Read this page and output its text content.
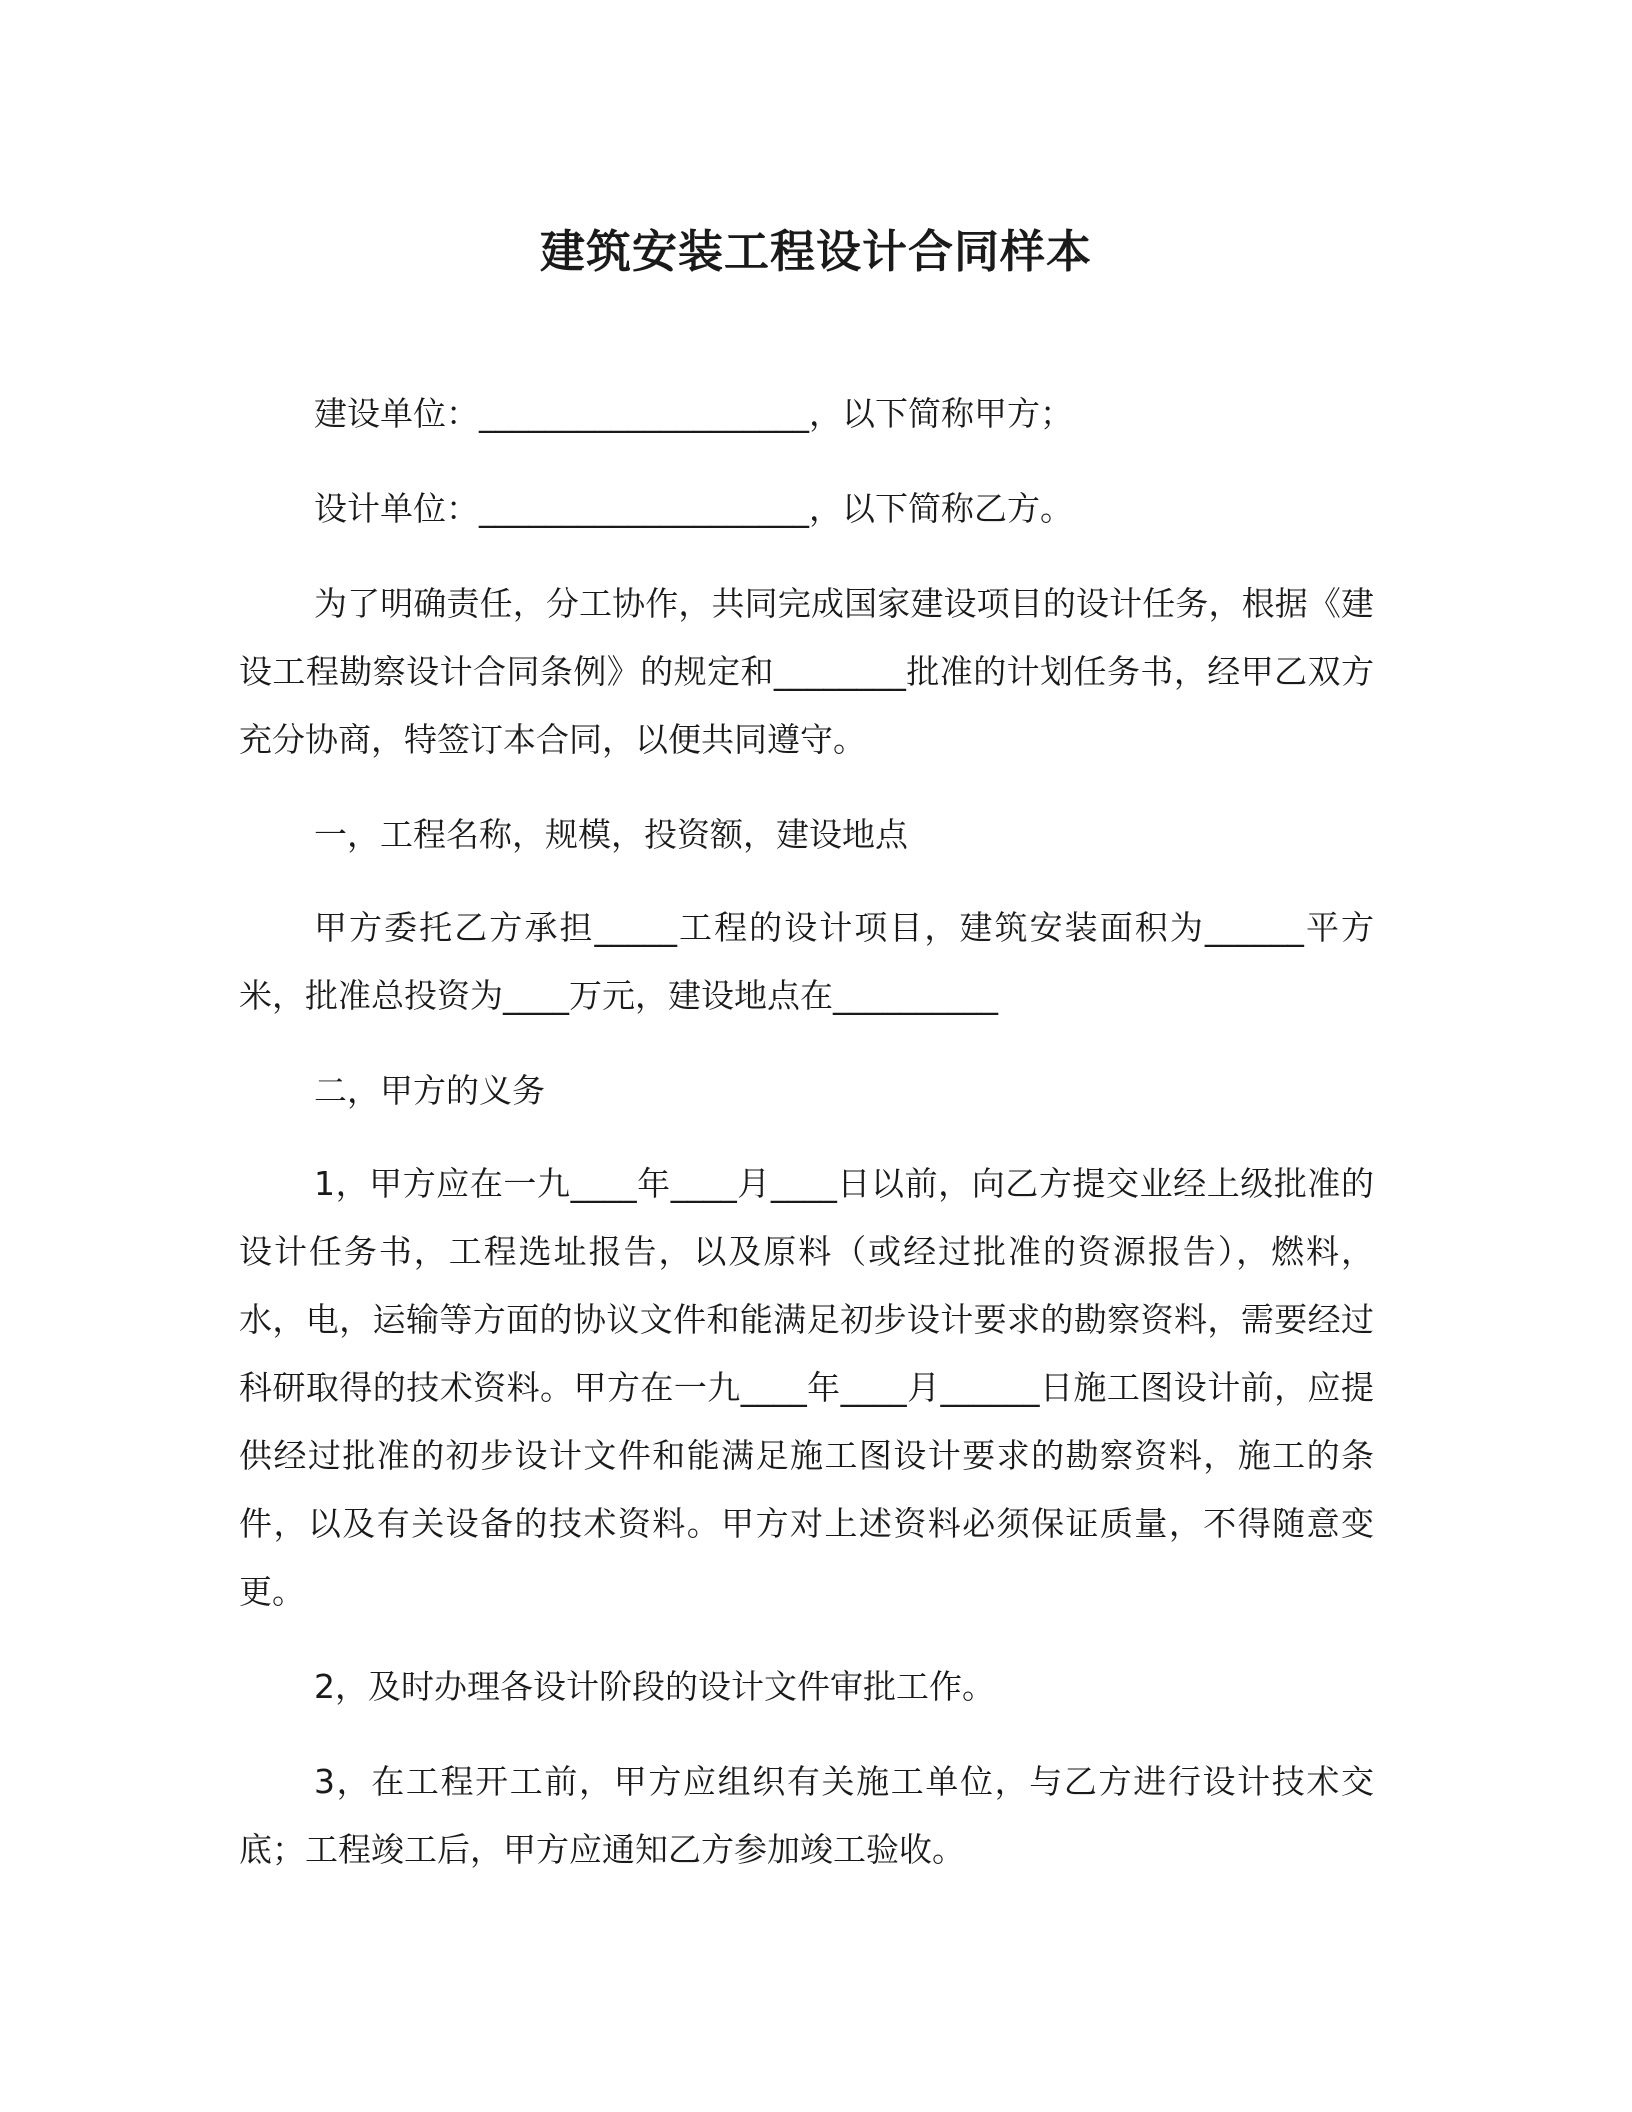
建筑安装工程设计合同样本

建设单位：____________________，以下简称甲方；

设计单位：____________________，以下简称乙方。

为了明确责任，分工协作，共同完成国家建设项目的设计任务，根据《建设工程勘察设计合同条例》的规定和________批准的计划任务书，经甲乙双方充分协商，特签订本合同，以便共同遵守。

一，工程名称，规模，投资额，建设地点

甲方委托乙方承担_____工程的设计项目，建筑安装面积为______平方米，批准总投资为____万元，建设地点在__________

二，甲方的义务

1，甲方应在一九____年____月____日以前，向乙方提交业经上级批准的设计任务书，工程选址报告，以及原料（或经过批准的资源报告），燃料，水，电，运输等方面的协议文件和能满足初步设计要求的勘察资料，需要经过科研取得的技术资料。甲方在一九____年____月______日施工图设计前，应提供经过批准的初步设计文件和能满足施工图设计要求的勘察资料，施工的条件，以及有关设备的技术资料。甲方对上述资料必须保证质量，不得随意变更。

2，及时办理各设计阶段的设计文件审批工作。

3，在工程开工前，甲方应组织有关施工单位，与乙方进行设计技术交底；工程竣工后，甲方应通知乙方参加竣工验收。
